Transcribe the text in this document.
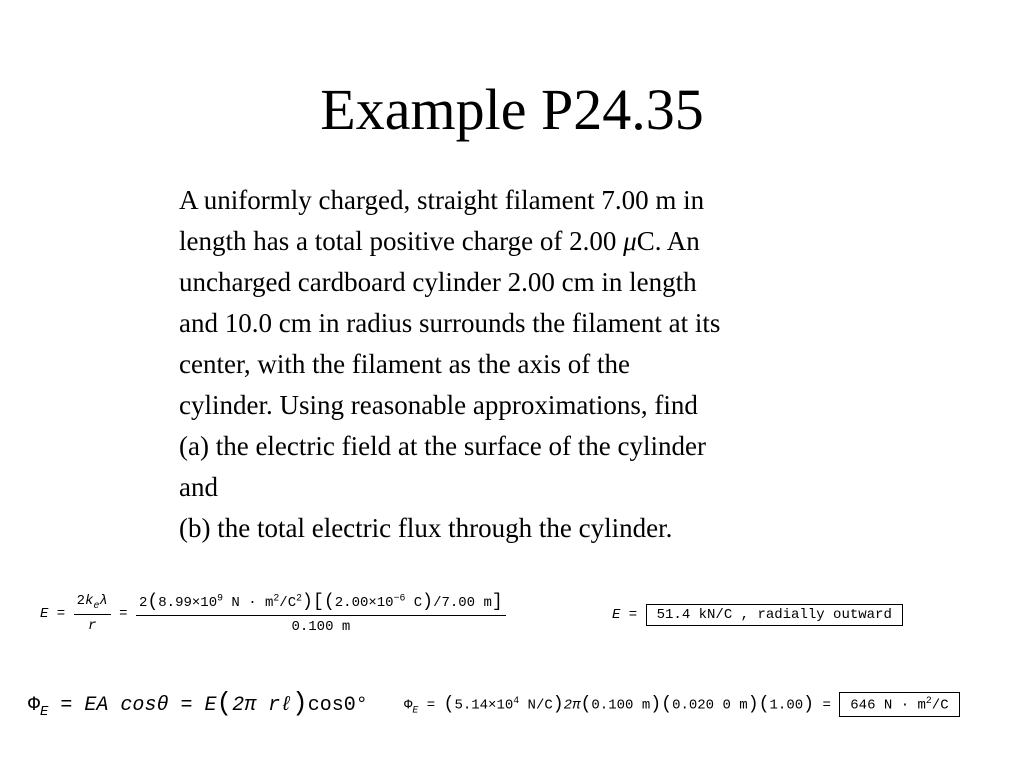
Example P24.35
A uniformly charged, straight filament 7.00 m in
length has a total positive charge of 2.00 μC. An
uncharged cardboard cylinder 2.00 cm in length
and 10.0 cm in radius surrounds the filament at its
center, with the filament as the axis of the
cylinder. Using reasonable approximations, find
(a) the electric field at the surface of the cylinder
and
(b) the total electric flux through the cylinder.
$E = \frac{2k_e\lambda}{r} = \frac{2(8.99\times 10^9 N \cdot m^2/C^2)[(2.00\times 10^{-6} C)/7.00 m]}{0.100 m}$	E = 51.4 kN/C , radially outward
$\Phi_E$ = EA cosθ = E(2π rℓ)cos0°	$\Phi_E = (5.14\times 10^4$ N/C)2π(0.100 m)(0.020 0 m)(1.00) = 646 $N \cdot m^2/C$
